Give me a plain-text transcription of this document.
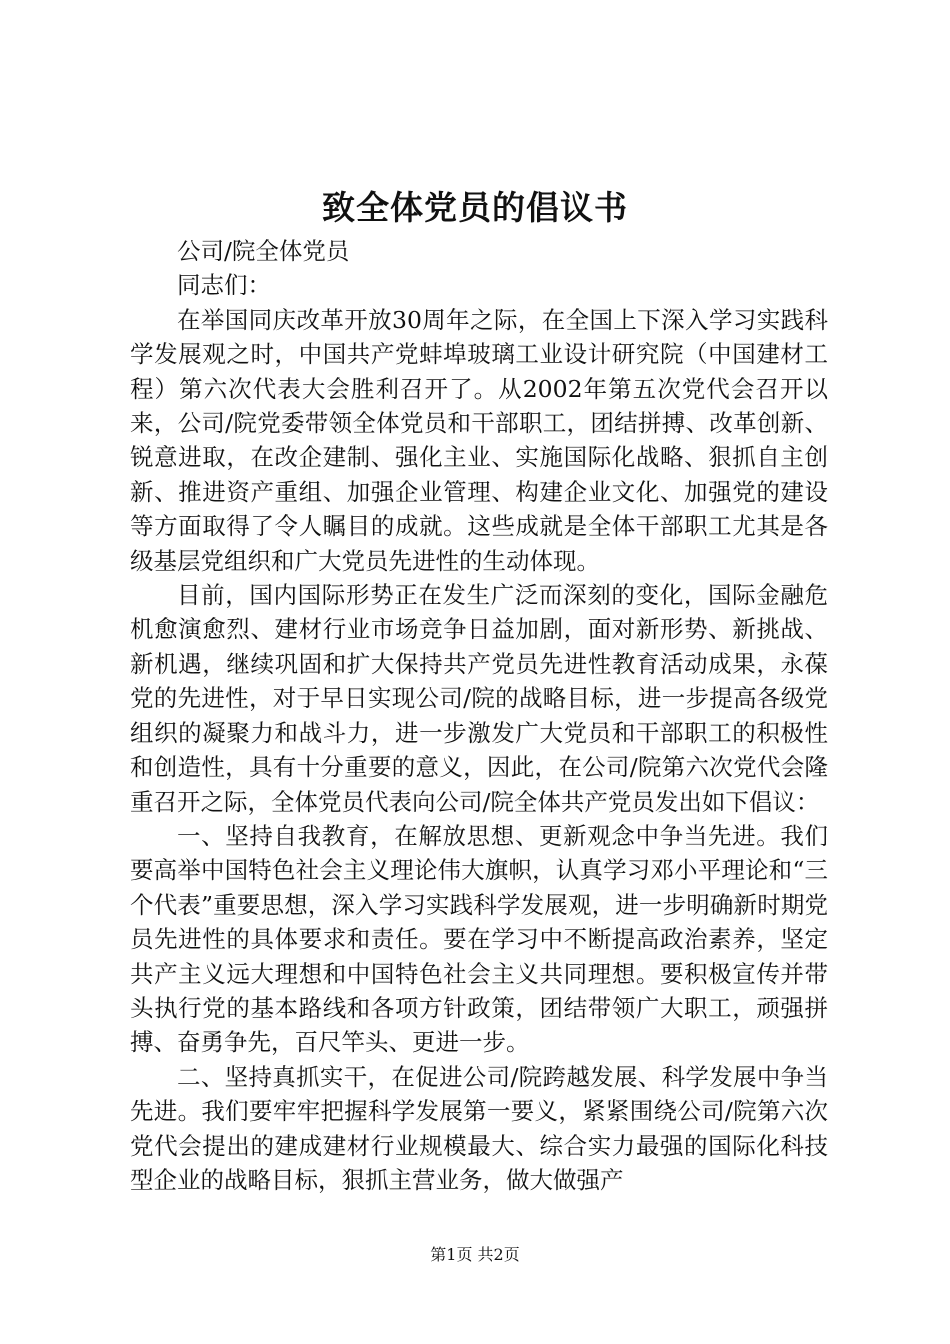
致全体党员的倡议书

公司/院全体党员

同志们：

在举国同庆改革开放30周年之际，在全国上下深入学习实践科学发展观之时，中国共产党蚌埠玻璃工业设计研究院（中国建材工程）第六次代表大会胜利召开了。从2002年第五次党代会召开以来，公司/院党委带领全体党员和干部职工，团结拼搏、改革创新、锐意进取，在改企建制、强化主业、实施国际化战略、狠抓自主创新、推进资产重组、加强企业管理、构建企业文化、加强党的建设等方面取得了令人瞩目的成就。这些成就是全体干部职工尤其是各级基层党组织和广大党员先进性的生动体现。

目前，国内国际形势正在发生广泛而深刻的变化，国际金融危机愈演愈烈、建材行业市场竞争日益加剧，面对新形势、新挑战、新机遇，继续巩固和扩大保持共产党员先进性教育活动成果，永葆党的先进性，对于早日实现公司/院的战略目标，进一步提高各级党组织的凝聚力和战斗力，进一步激发广大党员和干部职工的积极性和创造性，具有十分重要的意义，因此，在公司/院第六次党代会隆重召开之际，全体党员代表向公司/院全体共产党员发出如下倡议：

一、坚持自我教育，在解放思想、更新观念中争当先进。我们要高举中国特色社会主义理论伟大旗帜，认真学习邓小平理论和“三个代表”重要思想，深入学习实践科学发展观，进一步明确新时期党员先进性的具体要求和责任。要在学习中不断提高政治素养，坚定共产主义远大理想和中国特色社会主义共同理想。要积极宣传并带头执行党的基本路线和各项方针政策，团结带领广大职工，顽强拼搏、奋勇争先，百尺竿头、更进一步。

二、坚持真抓实干，在促进公司/院跨越发展、科学发展中争当先进。我们要牢牢把握科学发展第一要义，紧紧围绕公司/院第六次党代会提出的建成建材行业规模最大、综合实力最强的国际化科技型企业的战略目标，狠抓主营业务，做大做强产

第1页 共2页
